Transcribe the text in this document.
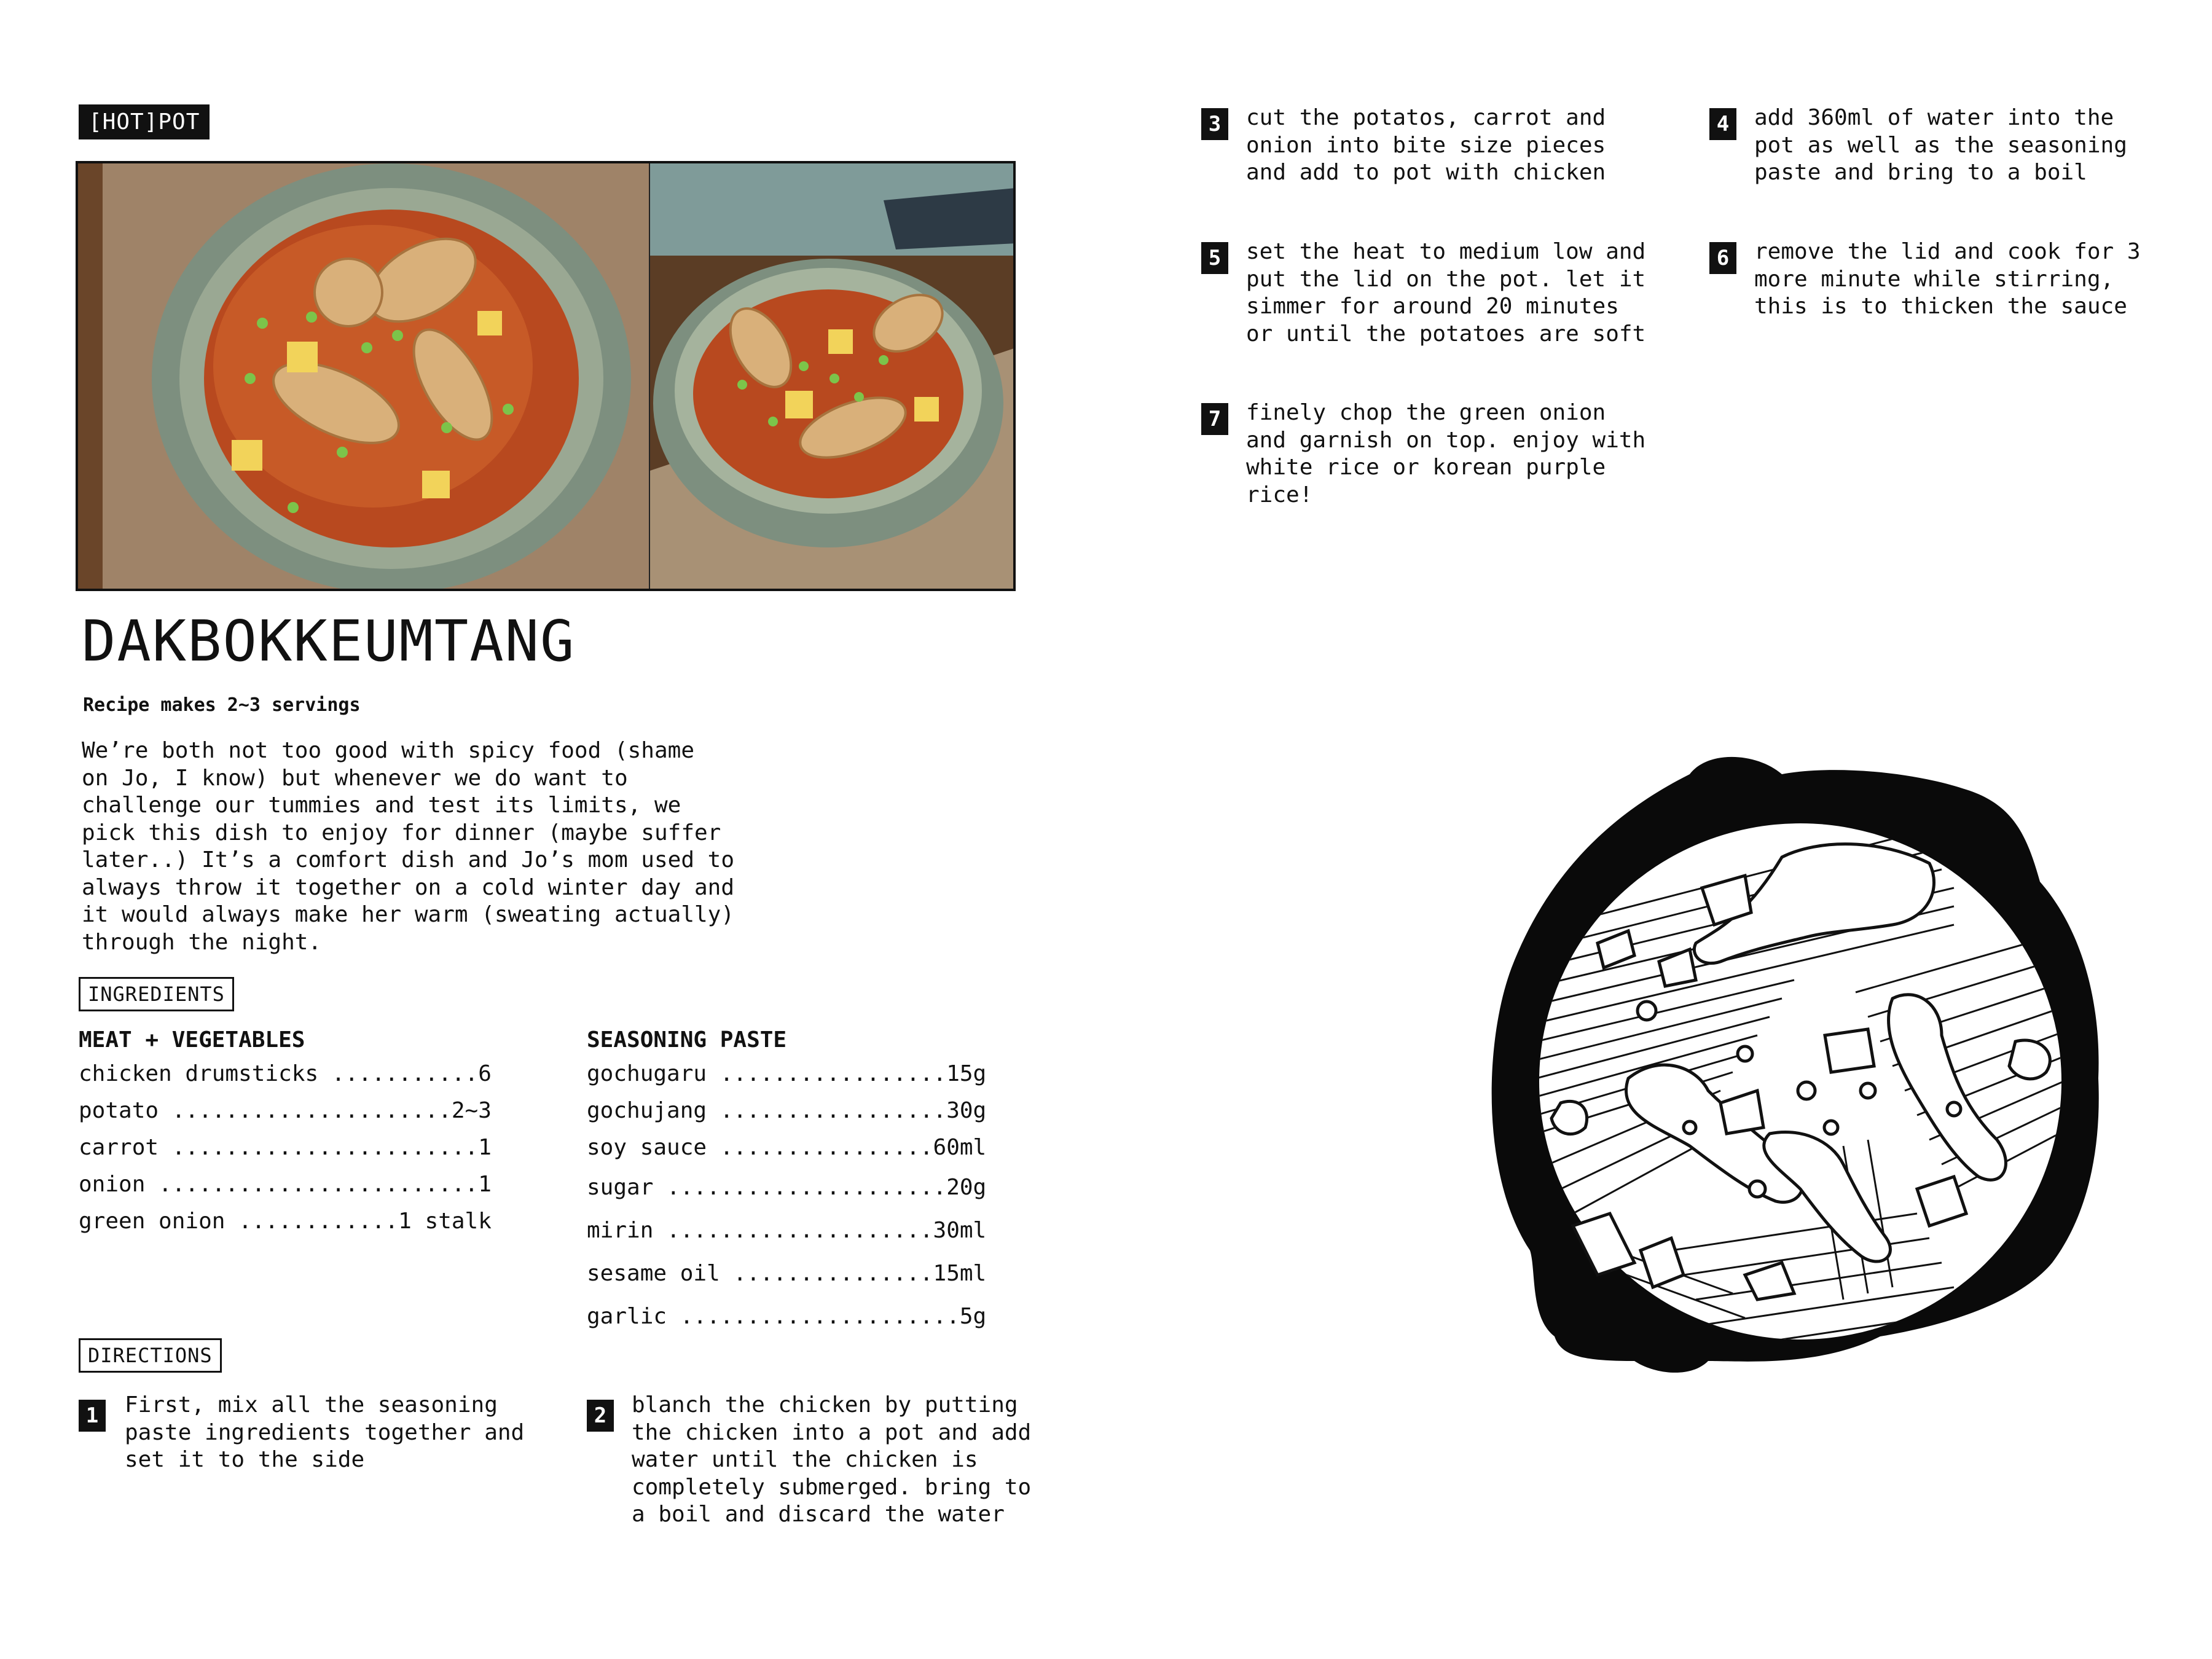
[HOT]POT
DAKBOKKEUMTANG
Recipe makes 2~3 servings
We’re both not too good with spicy food (shame
on Jo, I know) but whenever we do want to
challenge our tummies and test its limits, we
pick this dish to enjoy for dinner (maybe suffer
later..) It’s a comfort dish and Jo’s mom used to
always throw it together on a cold winter day and
it would always make her warm (sweating actually)
through the night.
INGREDIENTS
MEAT + VEGETABLES
chicken drumsticks ...........6
potato .....................2~3
carrot .......................1
onion ........................1
green onion ............1 stalk
SEASONING PASTE
gochugaru .................15g
gochujang .................30g
soy sauce ................60ml
sugar .....................20g
mirin ....................30ml
sesame oil ...............15ml
garlic .....................5g
DIRECTIONS
1	First, mix all the seasoning
paste ingredients together and
set it to the side
2	blanch the chicken by putting
the chicken into a pot and add
water until the chicken is
completely submerged. bring to
a boil and discard the water
3	cut the potatos, carrot and
onion into bite size pieces
and add to pot with chicken
4	add 360ml of water into the
pot as well as the seasoning
paste and bring to a boil
5	set the heat to medium low and
put the lid on the pot. let it
simmer for around 20 minutes
or until the potatoes are soft
6	remove the lid and cook for 3
more minute while stirring,
this is to thicken the sauce
7	finely chop the green onion
and garnish on top. enjoy with
white rice or korean purple
rice!
